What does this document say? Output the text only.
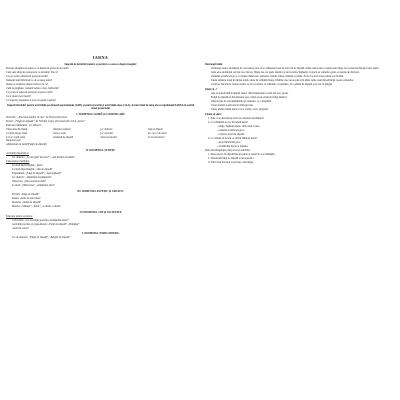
IARNA
Sugestii de întrebări pentru a pornire la o ceea ce despre imagini:
Privește imaginea și spune ce ai înțeles în perioada de iarnă?
Cum sunt zilele în perioada la ce anotimp? De ce?
Ce pot vedea oamenii în perioada iernii?
Oamenii sunt îmbrăcați ca să se apere iarna?
Spune ce ai înțeles despre iarna și de ce?
Cum se pregătesc oamenii pentru a face față iernii?
Ce jocuri ar putea în perioada aceasta copiii?
Ce ar putea face tinerii?
Ce sugestii, propuneri ai avea să spună copiilor?
Sugestii intrebări pentru activitățile pe domenii experiențiale (ADE) și pentru jocurile și activitățile alese (ALA), în intervalul de timp alocat săptămânii IARNA în cadrul temei proiectului
I. DOMENIUL LIMBĂ ȘI COMUNICARE
Povestire: „Povestea fulgilor de nea” de Viorica Bercovici
Poezii: „Fulgii de zăpadă”, de Nichifor Lupu; alte poezii din ciclul „Iarna”
Educarea limbajului / joc didactic:
Vine iarna din munți	sfârșitul toamnei	joc didactic	Gigi și zăpada
Ce știm despre iarnă	Iarna a sosit	joc exerciții	joc cu rol de artist
Ce fac copiii iarna	Oamenii de zăpadă	Iarna ne bucură	Ce facem iarna?
Dicționar nou:
Albăstrituri de iarnă (Fulgii de zăpadă)
II. DOMENIUL ȘTIINȚE
Activități matematice:
Joc didactic: „Ce am găsit în iarna?”; „Am învățat să număr”
Cunoașterea mediului:
Lectură după imagini: „Iarna”
Lectură după imagini: „Om de zăpadă”
Experiment: „Fulgi de zăpadă”; „Apa îngheață”
Joc didactic: „Identifică anotimpurile”
Observare: „Descoperirea iernii”
Lectură: „Sănii iarna”; „Animalele iarna”
III. DOMENIUL ESTETIC ȘI CREATIV
Pictură: „Fulgi de zăpadă”
Desen: „Iarna în satul meu”
Modelaj: „Omul de zăpadă”
Muzică: „Săniuța”; „Iarna”; „Colinde, colinde”
IV. DOMENIUL OM ȘI SOCIETATE
Educație pentru societate:
Convorbire: „Ce activități specifice desfășurăm iarna?”
Activități practice și gospodărești: „Fulgi de zăpadă”, „Brăduțul”
„Iarna în culori”
V. DOMENIUL PSIHO-MOTRIC
Joc de mișcare: „Fulgii de zăpadă”; „Bulgări de zăpadă”
Informații utile:
Domnește iarna, anotimpul în care natura pare să se odihnească sub un strat alb de zăpadă. Zilele sunt scurte, nopțile sunt lungi, iar soarele încălzește foarte puțin.
Iarna este anotimpul cel mai rece din an. Ninge des, iar apele râurilor și ale lacurilor îngheață. Copacii au ramurile goale, acoperite de chiciură.
Oamenii se îmbracă gros, cu haine călduroase: paltoane, căciuli, fulare, mănuși și cizme. Ei fac focul în sobe pentru a se încălzi.
Unele animale dorm în timpul iernii, altele își schimbă blana. Păsările care nu au plecat în țările calde caută hrană lângă casele oamenilor.
Copiii se bucură de venirea iernii: se dau cu sania, cu schiurile, cu patinele, fac oameni de zăpadă și se bat cu bulgări.
Știați că...?
Apa se transformă în gheață atunci când temperatura scade sub zero grade.
Fulgii de zăpadă au întotdeauna șase colțuri și nu există doi fulgi identici.
Zăpada ține de cald pământului și plantelor, ca o plapumă.
Ursul doarme toată iarna în bârlogul său.
Unele păsări rămân iarna la noi: vrabia, ciora, pițigoiul.
Ţinem să știm!
1. Prin ce se deosebește iarna de celelalte anotimpuri?
2. Ce schimbări au loc în natură iarna?
- ninge, îngheață apele, zilele sunt scurte;
- oamenii se îmbracă gros;
- copiii se joacă în zăpadă.
3. Ce trebuie să facem ca să fim sănătoși iarna?
- să ne îmbrăcăm gros;
- să mâncăm fructe și legume.
Dezvoltă imaginația prin jocuri și activități:
1. Pune un pic de zăpadă într-un pahar și observă ce se întâmplă.
2. Desenează fulgi de zăpadă și decupează-i.
3. Stă în fața ferestrei și privește cum ninge.
